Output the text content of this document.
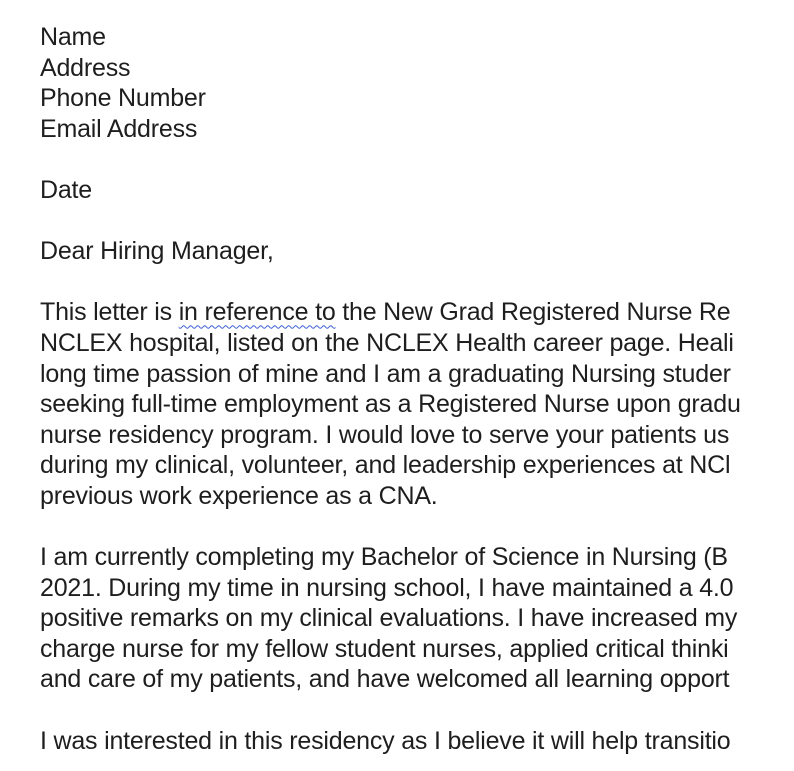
Name
Address
Phone Number
Email Address
Date
Dear Hiring Manager,
This letter is in reference to the New Grad Registered Nurse Re
NCLEX hospital, listed on the NCLEX Health career page. Heali
long time passion of mine and I am a graduating Nursing studer
seeking full-time employment as a Registered Nurse upon gradu
nurse residency program. I would love to serve your patients us
during my clinical, volunteer, and leadership experiences at NCl
previous work experience as a CNA.
I am currently completing my Bachelor of Science in Nursing (B
2021. During my time in nursing school, I have maintained a 4.0
positive remarks on my clinical evaluations. I have increased my
charge nurse for my fellow student nurses, applied critical thinki
and care of my patients, and have welcomed all learning opport
I was interested in this residency as I believe it will help transitio
